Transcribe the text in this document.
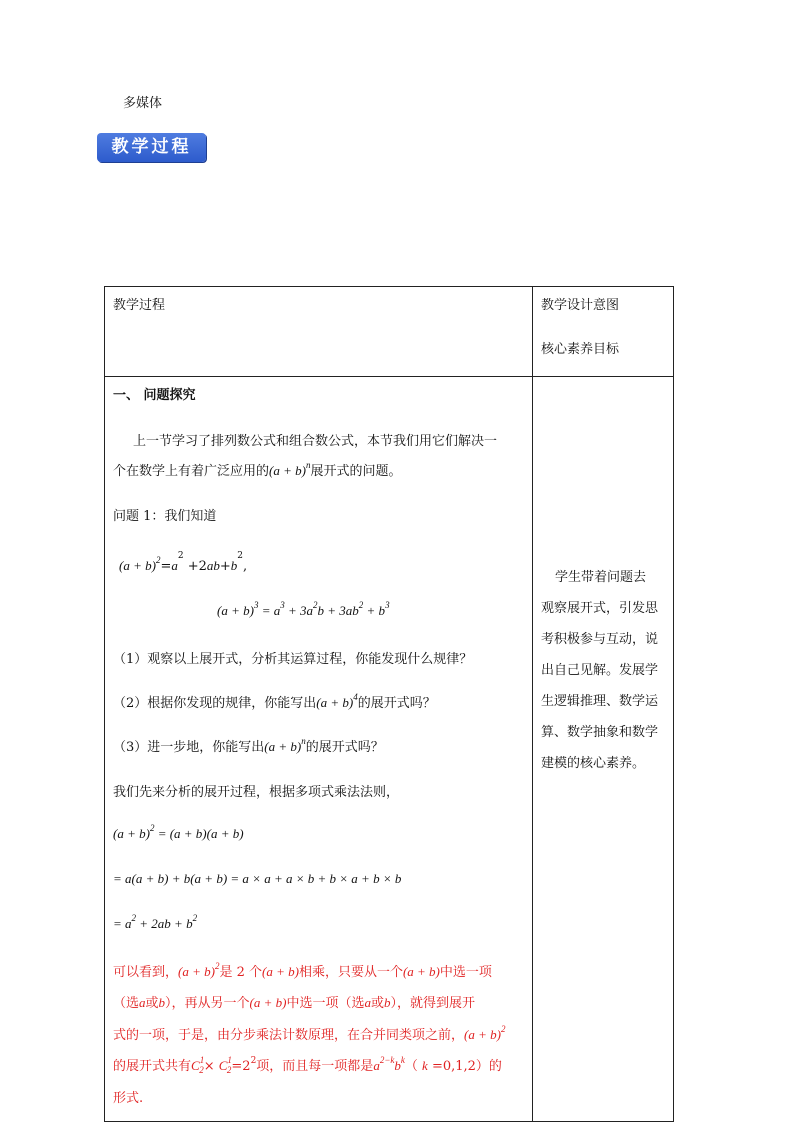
多媒体
教学过程
教学过程	教学设计意图
核心素养目标
一、 问题探究
上一节学习了排列数公式和组合数公式，本节我们用它们解决一
个在数学上有着广泛应用的$(a + b)^n$展开式的问题。
问题 1：我们知道
$(a + b)^2=a^2 +2ab+b^2$,
$(a + b)^3 = a^3 + 3a^2b + 3ab^2 + b^3$
（1）观察以上展开式，分析其运算过程，你能发现什么规律？
（2）根据你发现的规律，你能写出$(a + b)^4$的展开式吗？
（3）进一步地，你能写出$(a + b)^n$的展开式吗？
我们先来分析的展开过程，根据多项式乘法法则，
$(a + b)^2 = (a + b)(a + b)$
= a(a + b) + b(a + b) = a × a + a × b + b × a + b × b
= $a^2 + 2ab + b^2$
可以看到，$(a + b)^2$是 2 个(a + b)相乘，只要从一个(a + b)中选一项
（选a或b），再从另一个(a + b)中选一项（选a或b），就得到展开
式的一项，于是，由分步乘法计数原理，在合并同类项之前，$(a + b)^2$
的展开式共有$C^1_2\times C^1_2=2^2$项，而且每一项都是$a^{2-k}b^k$（ k =0,1,2）的
形式.

学生带着问题去

观察展开式，引发思

考积极参与互动，说

出自己见解。发展学

生逻辑推理、数学运

算、数学抽象和数学

建模的核心素养。
